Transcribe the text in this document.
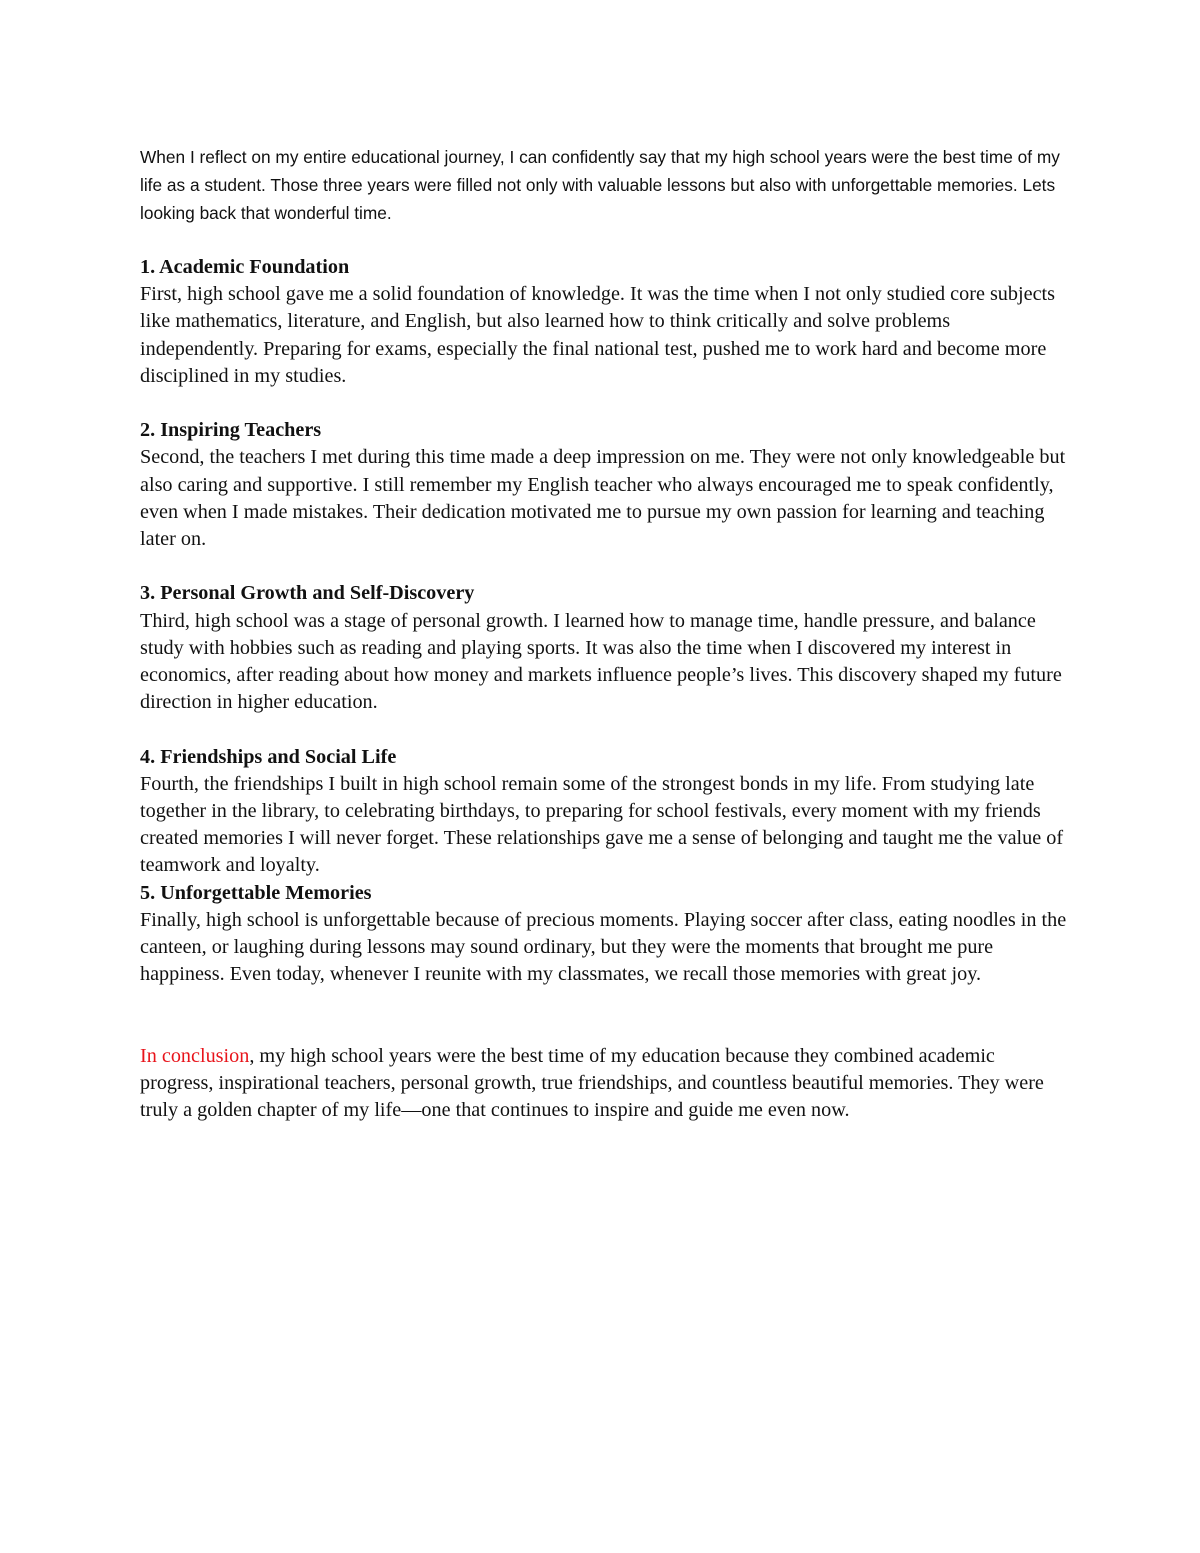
When I reflect on my entire educational journey, I can confidently say that my high school years were the best time of my life as a student. Those three years were filled not only with valuable lessons but also with unforgettable memories. Lets looking back that wonderful time.

1. Academic Foundation
First, high school gave me a solid foundation of knowledge. It was the time when I not only studied core subjects like mathematics, literature, and English, but also learned how to think critically and solve problems independently. Preparing for exams, especially the final national test, pushed me to work hard and become more disciplined in my studies.
2. Inspiring Teachers
Second, the teachers I met during this time made a deep impression on me. They were not only knowledgeable but also caring and supportive. I still remember my English teacher who always encouraged me to speak confidently, even when I made mistakes. Their dedication motivated me to pursue my own passion for learning and teaching later on.
3. Personal Growth and Self-Discovery
Third, high school was a stage of personal growth. I learned how to manage time, handle pressure, and balance study with hobbies such as reading and playing sports. It was also the time when I discovered my interest in economics, after reading about how money and markets influence people’s lives. This discovery shaped my future direction in higher education.
4. Friendships and Social Life
Fourth, the friendships I built in high school remain some of the strongest bonds in my life. From studying late together in the library, to celebrating birthdays, to preparing for school festivals, every moment with my friends created memories I will never forget. These relationships gave me a sense of belonging and taught me the value of teamwork and loyalty.
5. Unforgettable Memories
Finally, high school is unforgettable because of precious moments. Playing soccer after class, eating noodles in the canteen, or laughing during lessons may sound ordinary, but they were the moments that brought me pure happiness. Even today, whenever I reunite with my classmates, we recall those memories with great joy.

In conclusion, my high school years were the best time of my education because they combined academic progress, inspirational teachers, personal growth, true friendships, and countless beautiful memories. They were truly a golden chapter of my life—one that continues to inspire and guide me even now.
